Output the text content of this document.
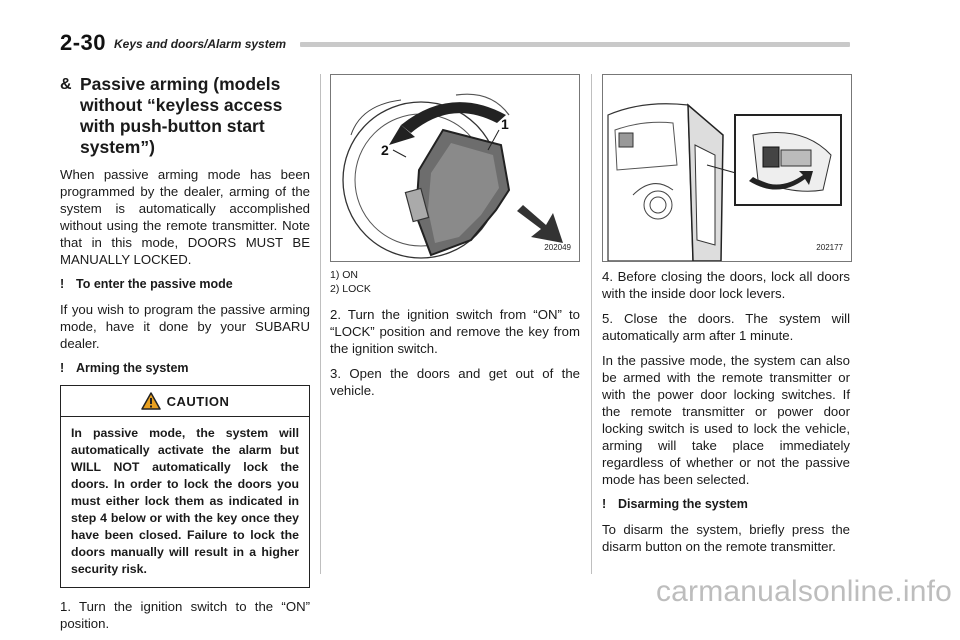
2-30 Keys and doors/Alarm system
& Passive arming (models without “keyless access with push-button start system”)

When passive arming mode has been programmed by the dealer, arming of the system is automatically accomplished without using the remote transmitter. Note that in this mode, DOORS MUST BE MANUALLY LOCKED.

! To enter the passive mode

If you wish to program the passive arming mode, have it done by your SUBARU dealer.

! Arming the system
CAUTION
In passive mode, the system will automatically activate the alarm but WILL NOT automatically lock the doors. In order to lock the doors you must either lock them as indicated in step 4 below or with the key once they have been closed. Failure to lock the doors manually will result in a higher security risk.

1. Turn the ignition switch to the “ON” position.

1
2
202049
1) ON
2) LOCK

2. Turn the ignition switch from “ON” to “LOCK” position and remove the key from the ignition switch.

3. Open the doors and get out of the vehicle.

202177

4. Before closing the doors, lock all doors with the inside door lock levers.

5. Close the doors. The system will automatically arm after 1 minute.

In the passive mode, the system can also be armed with the remote transmitter or with the power door locking switches. If the remote transmitter or power door locking switch is used to lock the vehicle, arming will take place immediately regardless of whether or not the passive mode has been selected.

! Disarming the system

To disarm the system, briefly press the disarm button on the remote transmitter.

carmanualsonline.info
